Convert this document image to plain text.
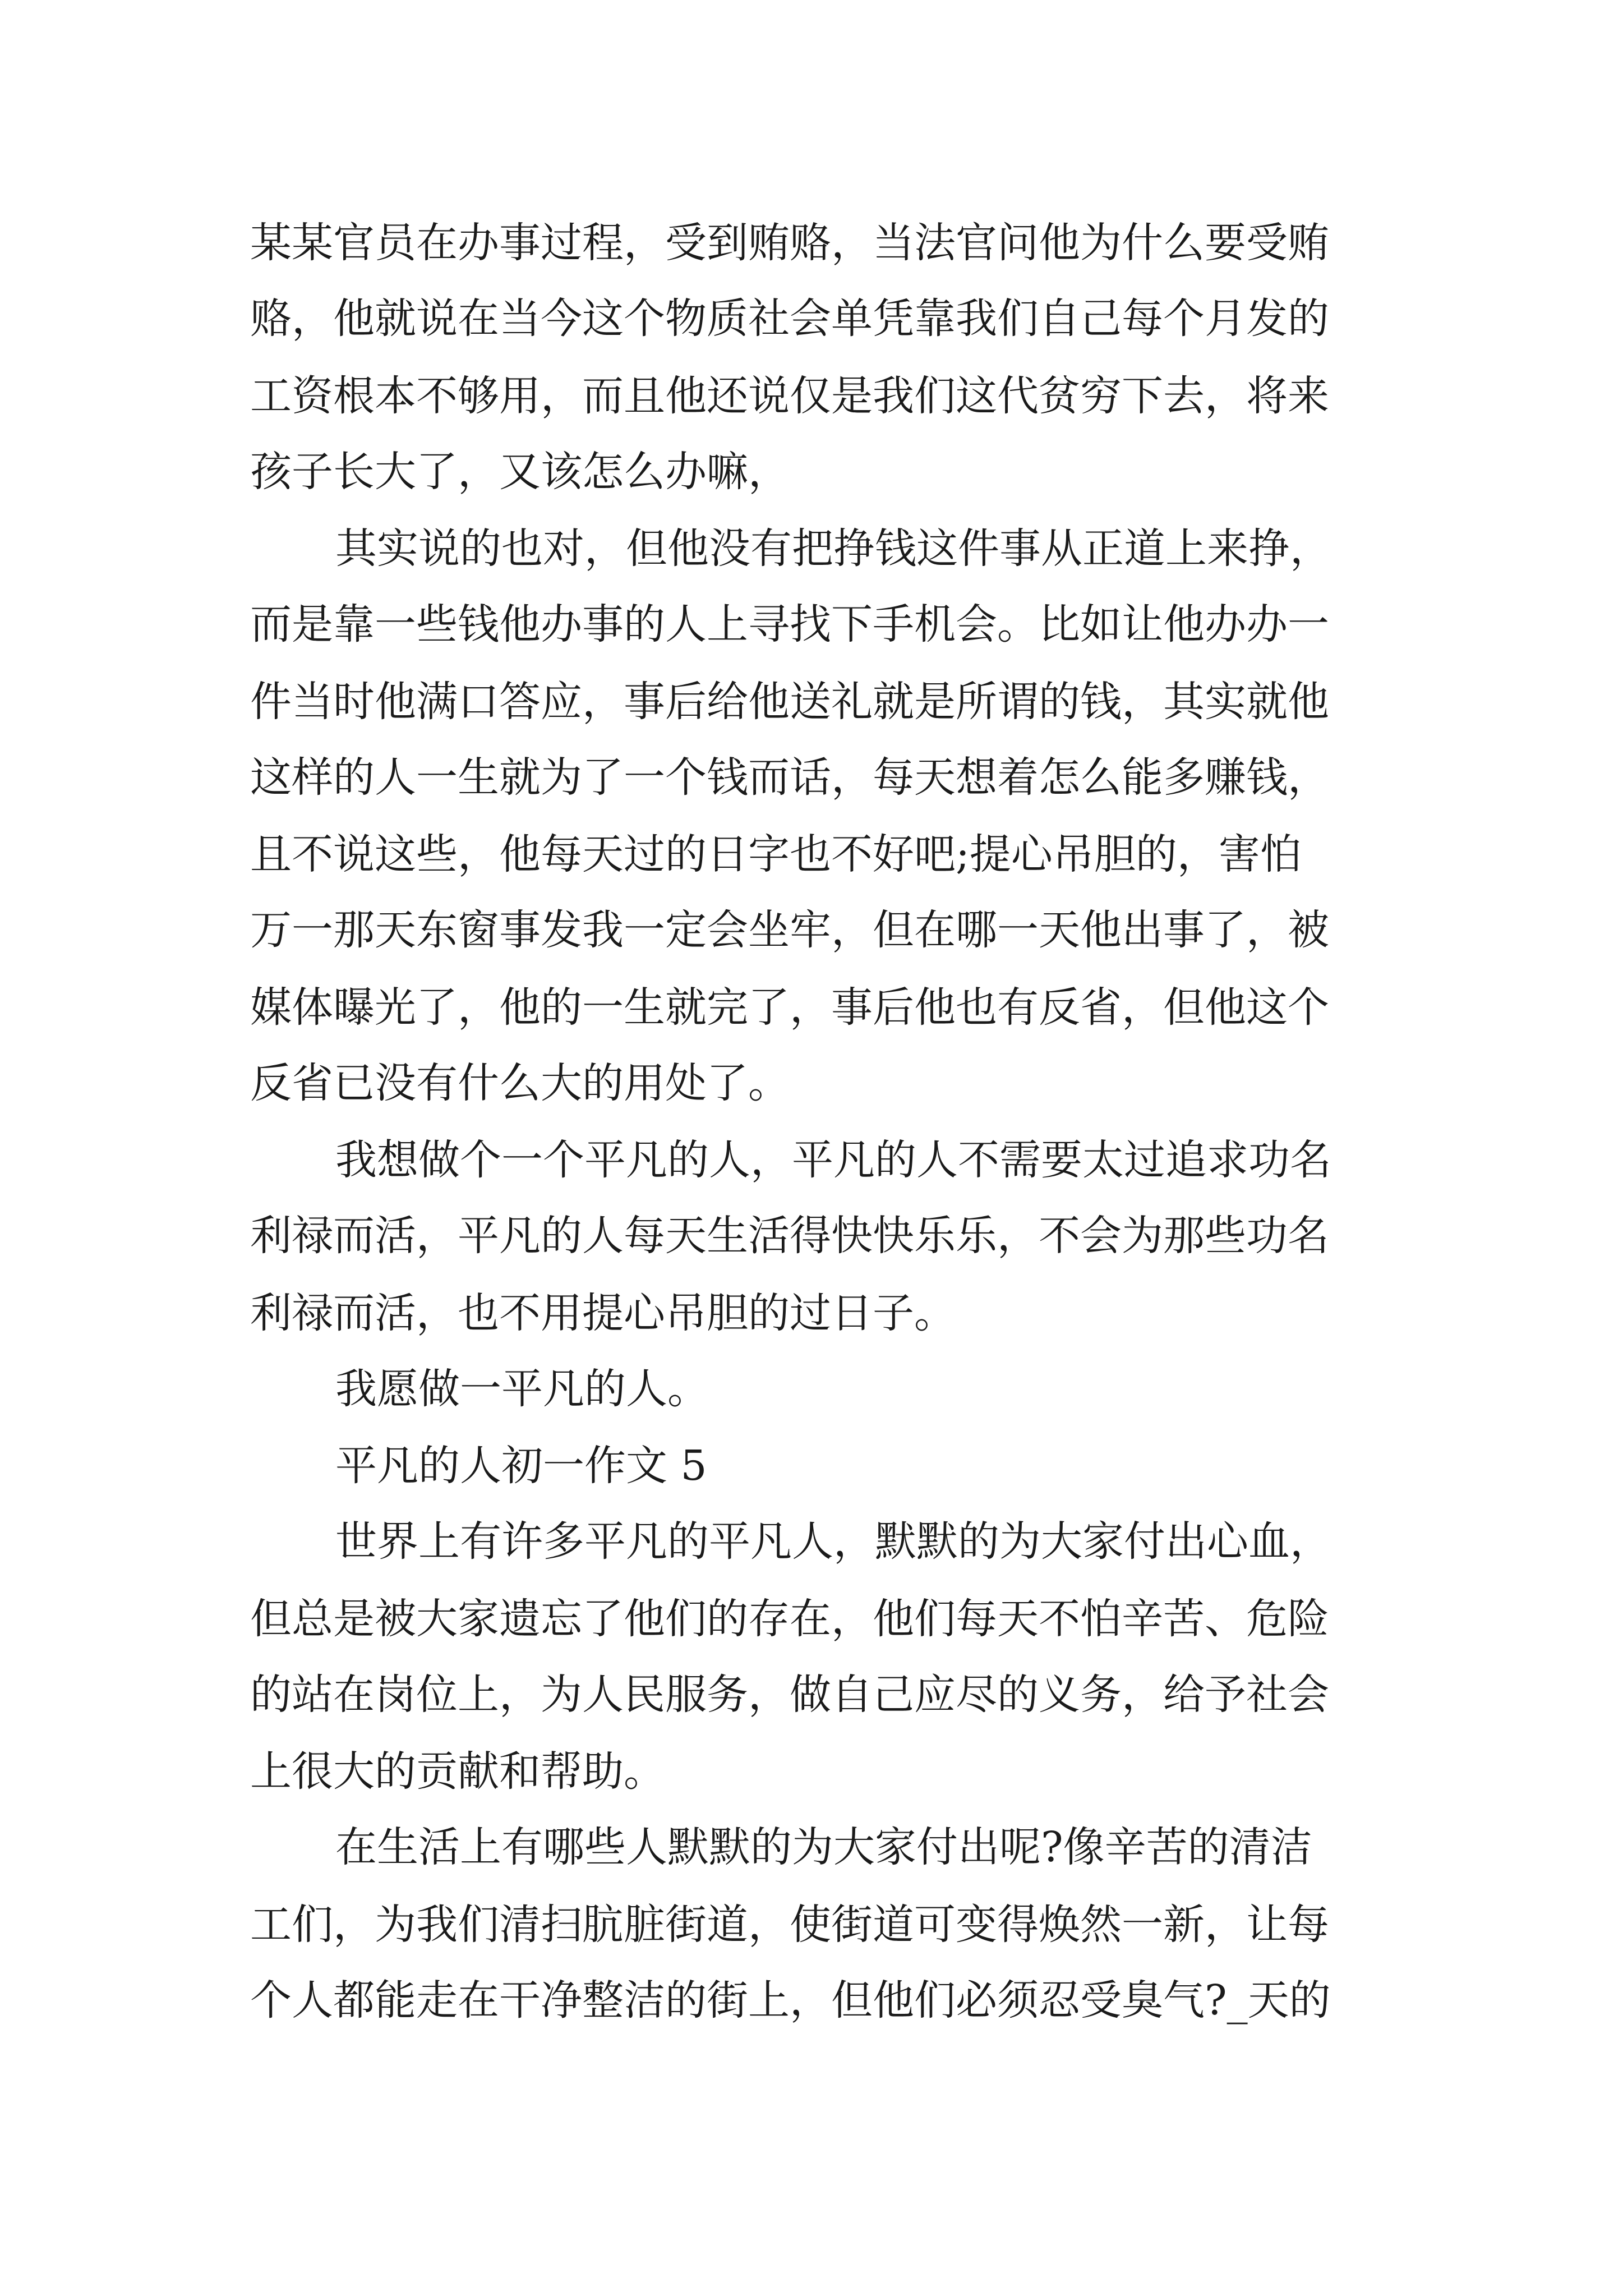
某某官员在办事过程，受到贿赂，当法官问他为什么要受贿

赂，他就说在当今这个物质社会单凭靠我们自己每个月发的

工资根本不够用，而且他还说仅是我们这代贫穷下去，将来

孩子长大了，又该怎么办嘛，

其实说的也对，但他没有把挣钱这件事从正道上来挣，

而是靠一些钱他办事的人上寻找下手机会。比如让他办办一

件当时他满口答应，事后给他送礼就是所谓的钱，其实就他

这样的人一生就为了一个钱而话，每天想着怎么能多赚钱，

且不说这些，他每天过的日字也不好吧;提心吊胆的，害怕

万一那天东窗事发我一定会坐牢，但在哪一天他出事了，被

媒体曝光了，他的一生就完了，事后他也有反省，但他这个

反省已没有什么大的用处了。

我想做个一个平凡的人，平凡的人不需要太过追求功名

利禄而活，平凡的人每天生活得快快乐乐，不会为那些功名

利禄而活，也不用提心吊胆的过日子。

我愿做一平凡的人。

平凡的人初一作文 5

世界上有许多平凡的平凡人，默默的为大家付出心血，

但总是被大家遗忘了他们的存在，他们每天不怕辛苦、危险

的站在岗位上，为人民服务，做自己应尽的义务，给予社会

上很大的贡献和帮助。

在生活上有哪些人默默的为大家付出呢?像辛苦的清洁

工们，为我们清扫肮脏街道，使街道可变得焕然一新，让每

个人都能走在干净整洁的街上，但他们必须忍受臭气?_天的
